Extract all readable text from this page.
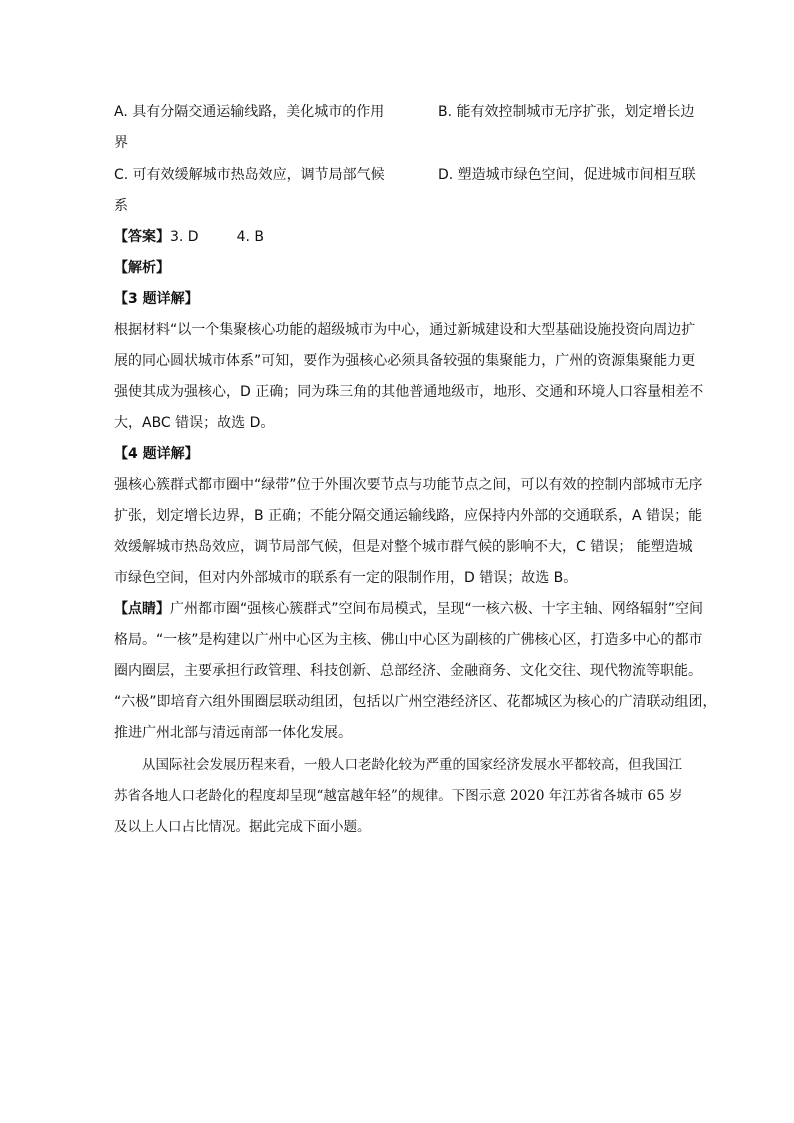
A. 具有分隔交通运输线路，美化城市的作用	B. 能有效控制城市无序扩张，划定增长边
界
C. 可有效缓解城市热岛效应，调节局部气候	D. 塑造城市绿色空间，促进城市间相互联
系
【答案】3. D	4. B
【解析】
【3 题详解】
根据材料“以一个集聚核心功能的超级城市为中心，通过新城建设和大型基础设施投资向周边扩
展的同心圆状城市体系”可知，要作为强核心必须具备较强的集聚能力，广州的资源集聚能力更
强使其成为强核心，D 正确；同为珠三角的其他普通地级市，地形、交通和环境人口容量相差不
大，ABC 错误；故选 D。
【4 题详解】
强核心簇群式都市圈中“绿带”位于外围次要节点与功能节点之间，可以有效的控制内部城市无序
扩张，划定增长边界，B 正确；不能分隔交通运输线路，应保持内外部的交通联系，A 错误；能
效缓解城市热岛效应，调节局部气候，但是对整个城市群气候的影响不大，C 错误； 能塑造城
市绿色空间，但对内外部城市的联系有一定的限制作用，D 错误；故选 B。
【点睛】广州都市圈“强核心簇群式”空间布局模式，呈现“一核六极、十字主轴、网络辐射”空间
格局。“一核”是构建以广州中心区为主核、佛山中心区为副核的广佛核心区，打造多中心的都市
圈内圈层，主要承担行政管理、科技创新、总部经济、金融商务、文化交往、现代物流等职能。
“六极”即培育六组外围圈层联动组团，包括以广州空港经济区、花都城区为核心的广清联动组团，
推进广州北部与清远南部一体化发展。
从国际社会发展历程来看，一般人口老龄化较为严重的国家经济发展水平都较高，但我国江
苏省各地人口老龄化的程度却呈现“越富越年轻”的规律。下图示意 2020 年江苏省各城市 65 岁
及以上人口占比情况。据此完成下面小题。
